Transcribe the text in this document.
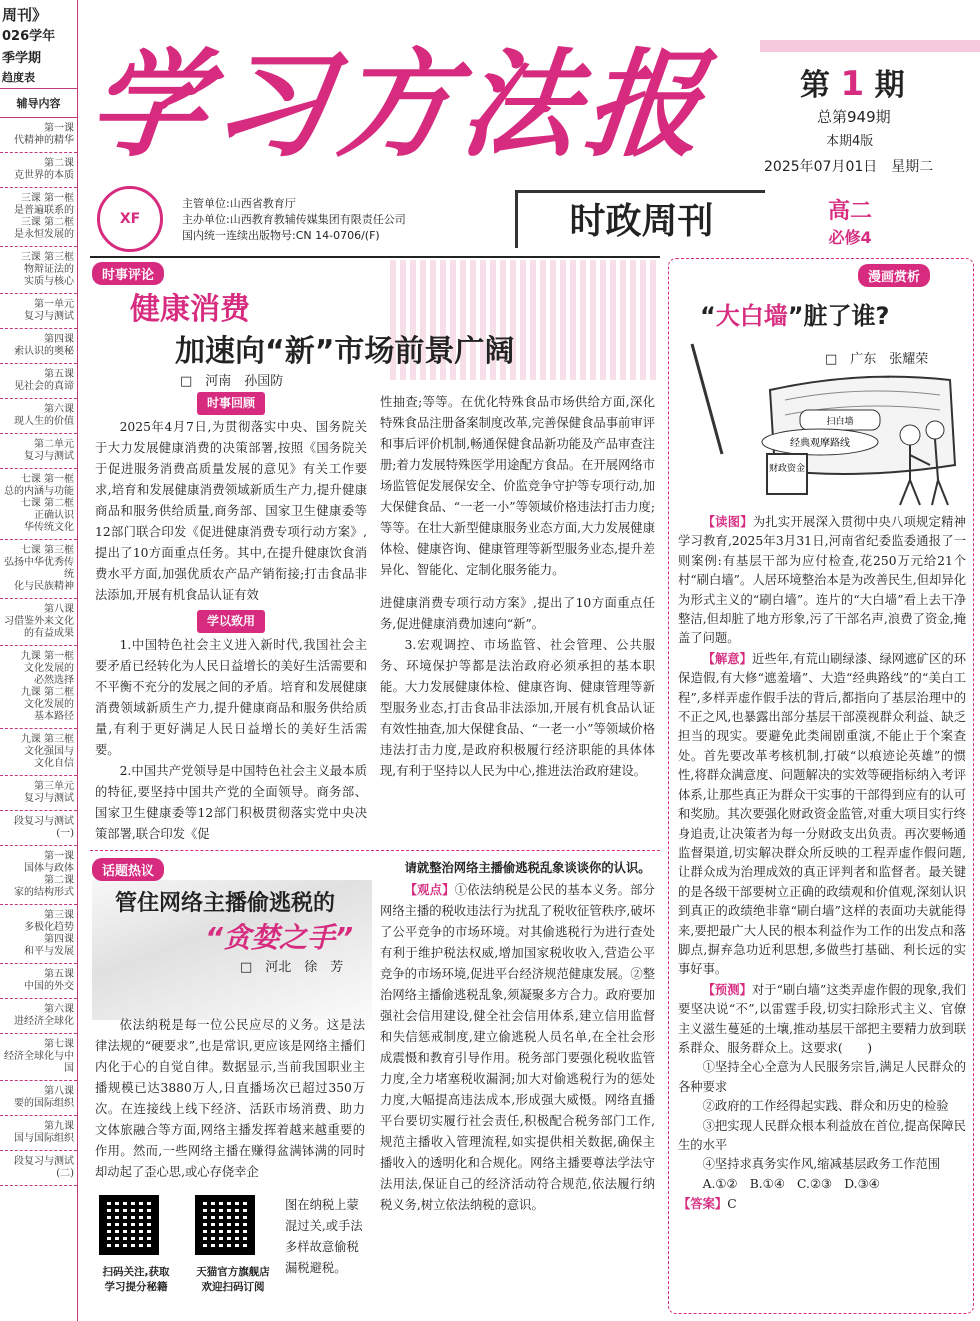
周刊》
026学年
季学期
趋度表
辅导内容
第一课
代精神的精华
第二课
克世界的本质
三课 第一框
是普遍联系的
三课 第二框
是永恒发展的
三课 第三框
物辩证法的
实质与核心
第一单元
复习与测试
第四课
索认识的奥秘
第五课
见社会的真谛
第六课
现人生的价值
第二单元
复习与测试
七课 第一框
总的内涵与功能
七课 第二框
正确认识
华传统文化
七课 第三框
弘扬中华优秀传统
化与民族精神
第八课
习借鉴外来文化
的有益成果
九课 第一框
文化发展的
必然选择
九课 第二框
文化发展的
基本路径
九课 第三框
文化强国与
文化自信
第三单元
复习与测试
段复习与测试
(一)
第一课
国体与政体
第二课
家的结构形式
第三课
多极化趋势
第四课
和平与发展
第五课
中国的外交
第六课
进经济全球化
第七课
经济全球化与中国
第八课
要的国际组织
第九课
国与国际组织
段复习与测试
(二)
学习方法报	第 1 期
总第949期
本期4版
2025年07月01日　星期二
XF
主管单位:山西省教育厅
主办单位:山西教育教辅传媒集团有限责任公司
国内统一连续出版物号:CN 14-0706/(F)	时政周刊	高二
必修4
时事评论
健康消费
加速向“新”市场前景广阔
□　河南　孙国防
时事回顾

2025年4月7日,为贯彻落实中央、国务院关于大力发展健康消费的决策部署,按照《国务院关于促进服务消费高质量发展的意见》有关工作要求,培育和发展健康消费领域新质生产力,提升健康商品和服务供给质量,商务部、国家卫生健康委等12部门联合印发《促进健康消费专项行动方案》,提出了10方面重点任务。其中,在提升健康饮食消费水平方面,加强优质农产品产销衔接;打击食品非法添加,开展有机食品认证有效

学以致用

1.中国特色社会主义进入新时代,我国社会主要矛盾已经转化为人民日益增长的美好生活需要和不平衡不充分的发展之间的矛盾。培育和发展健康消费领域新质生产力,提升健康商品和服务供给质量,有利于更好满足人民日益增长的美好生活需要。

2.中国共产党领导是中国特色社会主义最本质的特征,要坚持中国共产党的全面领导。商务部、国家卫生健康委等12部门积极贯彻落实党中央决策部署,联合印发《促

性抽查;等等。在优化特殊食品市场供给方面,深化特殊食品注册备案制度改革,完善保健食品事前审评和事后评价机制,畅通保健食品新功能及产品审查注册;着力发展特殊医学用途配方食品。在开展网络市场监管促发展保安全、价监竞争守护等专项行动,加大保健食品、“一老一小”等领域价格违法打击力度;等等。在壮大新型健康服务业态方面,大力发展健康体检、健康咨询、健康管理等新型服务业态,提升差异化、智能化、定制化服务能力。

进健康消费专项行动方案》,提出了10方面重点任务,促进健康消费加速向“新”。

3.宏观调控、市场监管、社会管理、公共服务、环境保护等都是法治政府必须承担的基本职能。大力发展健康体检、健康咨询、健康管理等新型服务业态,打击食品非法添加,开展有机食品认证有效性抽查,加大保健食品、“一老一小”等领域价格违法打击力度,是政府积极履行经济职能的具体体现,有利于坚持以人民为中心,推进法治政府建设。

话题热议
管住网络主播偷逃税的
“贪婪之手”
□　河北　徐　芳

依法纳税是每一位公民应尽的义务。这是法律法规的“硬要求”,也是常识,更应该是网络主播们内化于心的自觉自律。数据显示,当前我国职业主播规模已达3880万人,日直播场次已超过350万次。在连接线上线下经济、活跃市场消费、助力文体旅融合等方面,网络主播发挥着越来越重要的作用。然而,一些网络主播在赚得盆满钵满的同时却动起了歪心思,或心存侥幸企

请就整治网络主播偷逃税乱象谈谈你的认识。

【观点】①依法纳税是公民的基本义务。部分网络主播的税收违法行为扰乱了税收征管秩序,破坏了公平竞争的市场环境。对其偷逃税行为进行查处有利于维护税法权威,增加国家税收收入,营造公平竞争的市场环境,促进平台经济规范健康发展。②整治网络主播偷逃税乱象,须凝聚多方合力。政府要加强社会信用建设,健全社会信用体系,建立信用监督和失信惩戒制度,建立偷逃税人员名单,在全社会形成震慑和教育引导作用。税务部门要强化税收监管力度,全力堵塞税收漏洞;加大对偷逃税行为的惩处力度,大幅提高违法成本,形成强大威慑。网络直播平台要切实履行社会责任,积极配合税务部门工作,规范主播收入管理流程,如实提供相关数据,确保主播收入的透明化和合规化。网络主播要尊法学法守法用法,保证自己的经济活动符合规范,依法履行纳税义务,树立依法纳税的意识。

扫码关注,获取
学习提分秘籍
天猫官方旗舰店
欢迎扫码订阅
图在纳税上蒙混过关,或手法多样故意偷税漏税避税。
漫画赏析
“大白墙”脏了谁?
□　广东　张耀荣
扫白墙
经典观摩路线
财政资金

【读图】为扎实开展深入贯彻中央八项规定精神学习教育,2025年3月31日,河南省纪委监委通报了一则案例:有基层干部为应付检查,花250万元给21个村“刷白墙”。人居环境整治本是为改善民生,但却异化为形式主义的“刷白墙”。连片的“大白墙”看上去干净整洁,但却脏了地方形象,污了干部名声,浪费了资金,掩盖了问题。

【解意】近些年,有荒山刷绿漆、绿网遮矿区的环保造假,有大修“遮羞墙”、大造“经典路线”的“美白工程”,多样弄虚作假手法的背后,都指向了基层治理中的不正之风,也暴露出部分基层干部漠视群众利益、缺乏担当的现实。要避免此类闹剧重演,不能止于个案查处。首先要改革考核机制,打破“以痕迹论英雄”的惯性,将群众满意度、问题解决的实效等硬指标纳入考评体系,让那些真正为群众干实事的干部得到应有的认可和奖励。其次要强化财政资金监管,对重大项目实行终身追责,让决策者为每一分财政支出负责。再次要畅通监督渠道,切实解决群众所反映的工程弄虚作假问题,让群众成为治理成效的真正评判者和监督者。最关键的是各级干部要树立正确的政绩观和价值观,深刻认识到真正的政绩绝非靠“刷白墙”这样的表面功夫就能得来,要把最广大人民的根本利益作为工作的出发点和落脚点,摒弃急功近利思想,多做些打基础、利长远的实事好事。

【预测】对于“刷白墙”这类弄虚作假的现象,我们要坚决说“不”,以雷霆手段,切实扫除形式主义、官僚主义滋生蔓延的土壤,推动基层干部把主要精力放到联系群众、服务群众上。这要求(　　)

①坚持全心全意为人民服务宗旨,满足人民群众的各种要求

②政府的工作经得起实践、群众和历史的检验

③把实现人民群众根本利益放在首位,提高保障民生的水平

④坚持求真务实作风,缩减基层政务工作范围

A.①②　B.①④　C.②③　D.③④

【答案】C
